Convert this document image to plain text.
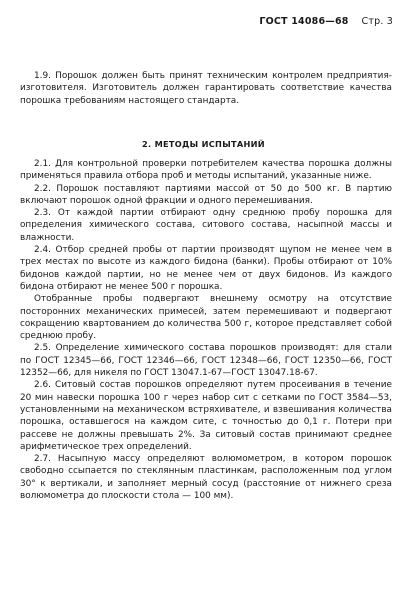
ГОСТ 14086—68 Стр. 3

1.9. Порошок должен быть принят техническим контролем предприятия-изготовителя. Изготовитель должен гарантировать соответствие качества порошка требованиям настоящего стандарта.

2. МЕТОДЫ ИСПЫТАНИЙ

2.1. Для контрольной проверки потребителем качества порошка должны применяться правила отбора проб и методы испытаний, указанные ниже.

2.2. Порошок поставляют партиями массой от 50 до 500 кг. В партию включают порошок одной фракции и одного перемешивания.

2.3. От каждой партии отбирают одну среднюю пробу порошка для определения химического состава, ситового состава, насыпной массы и влажности.

2.4. Отбор средней пробы от партии производят щупом не менее чем в трех местах по высоте из каждого бидона (банки). Пробы отбирают от 10% бидонов каждой партии, но не менее чем от двух бидонов. Из каждого бидона отбирают не менее 500 г порошка.

Отобранные пробы подвергают внешнему осмотру на отсутствие посторонних механических примесей, затем перемешивают и подвергают сокращению квартованием до количества 500 г, которое представляет собой среднюю пробу.

2.5. Определение химического состава порошков производят: для стали по ГОСТ 12345—66, ГОСТ 12346—66, ГОСТ 12348—66, ГОСТ 12350—66, ГОСТ 12352—66, для никеля по ГОСТ 13047.1-67—ГОСТ 13047.18-67.

2.6. Ситовый состав порошков определяют путем просеивания в течение 20 мин навески порошка 100 г через набор сит с сетками по ГОСТ 3584—53, установленными на механическом встряхивателе, и взвешивания количества порошка, оставшегося на каждом сите, с точностью до 0,1 г. Потери при рассеве не должны превышать 2%. За ситовый состав принимают среднее арифметическое трех определений.

2.7. Насыпную массу определяют волюмометром, в котором порошок свободно ссыпается по стеклянным пластинкам, расположенным под углом 30° к вертикали, и заполняет мерный сосуд (расстояние от нижнего среза волюмометра до плоскости стола — 100 мм).
